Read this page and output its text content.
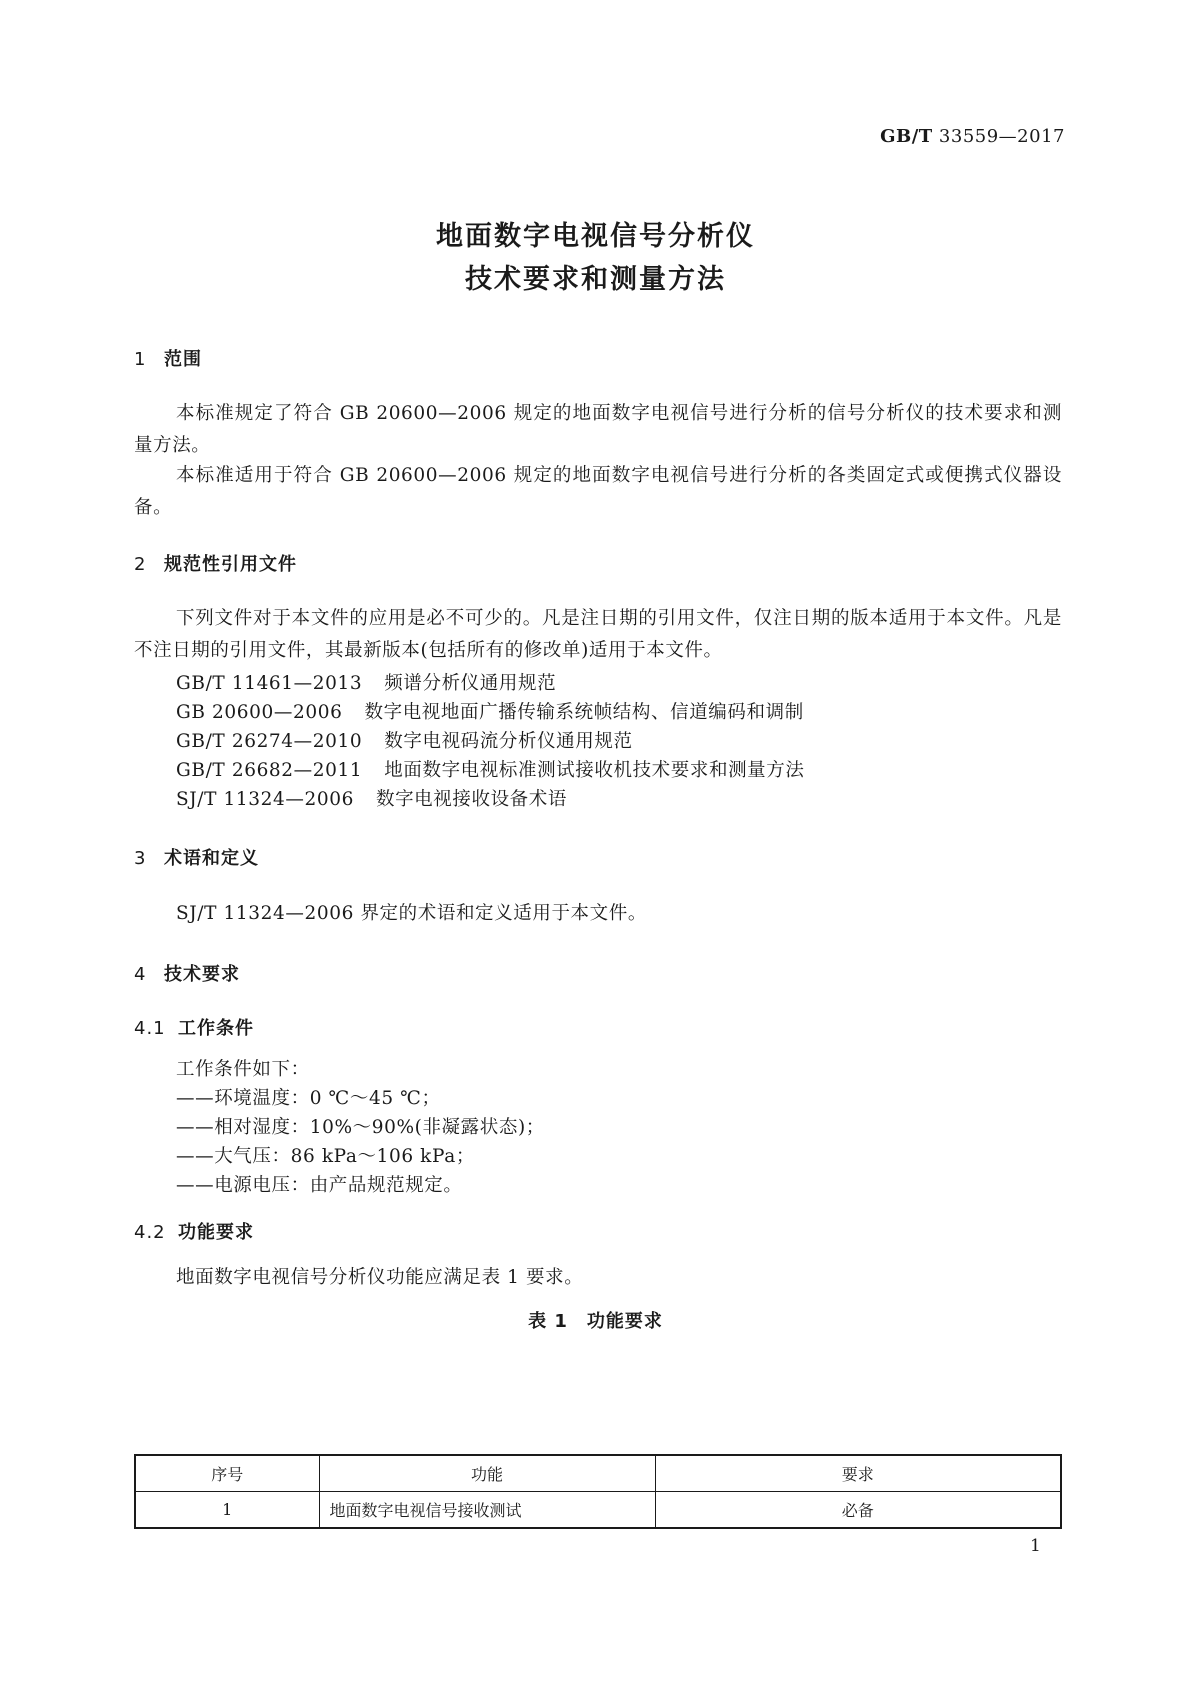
GB/T 33559—2017
地面数字电视信号分析仪
技术要求和测量方法
1 范围
本标准规定了符合 GB 20600—2006 规定的地面数字电视信号进行分析的信号分析仪的技术要求和测量方法。
本标准适用于符合 GB 20600—2006 规定的地面数字电视信号进行分析的各类固定式或便携式仪器设备。
2 规范性引用文件
下列文件对于本文件的应用是必不可少的。凡是注日期的引用文件，仅注日期的版本适用于本文件。凡是不注日期的引用文件，其最新版本(包括所有的修改单)适用于本文件。
GB/T 11461—2013 频谱分析仪通用规范
GB 20600—2006 数字电视地面广播传输系统帧结构、信道编码和调制
GB/T 26274—2010 数字电视码流分析仪通用规范
GB/T 26682—2011 地面数字电视标准测试接收机技术要求和测量方法
SJ/T 11324—2006 数字电视接收设备术语
3 术语和定义
SJ/T 11324—2006 界定的术语和定义适用于本文件。
4 技术要求
4.1 工作条件
工作条件如下：
——环境温度：0 ℃～45 ℃；
——相对湿度：10%～90%(非凝露状态)；
——大气压：86 kPa～106 kPa；
——电源电压：由产品规范规定。
4.2 功能要求
地面数字电视信号分析仪功能应满足表 1 要求。
表 1　功能要求
序号	功能	要求
1	地面数字电视信号接收测试	必备
1
